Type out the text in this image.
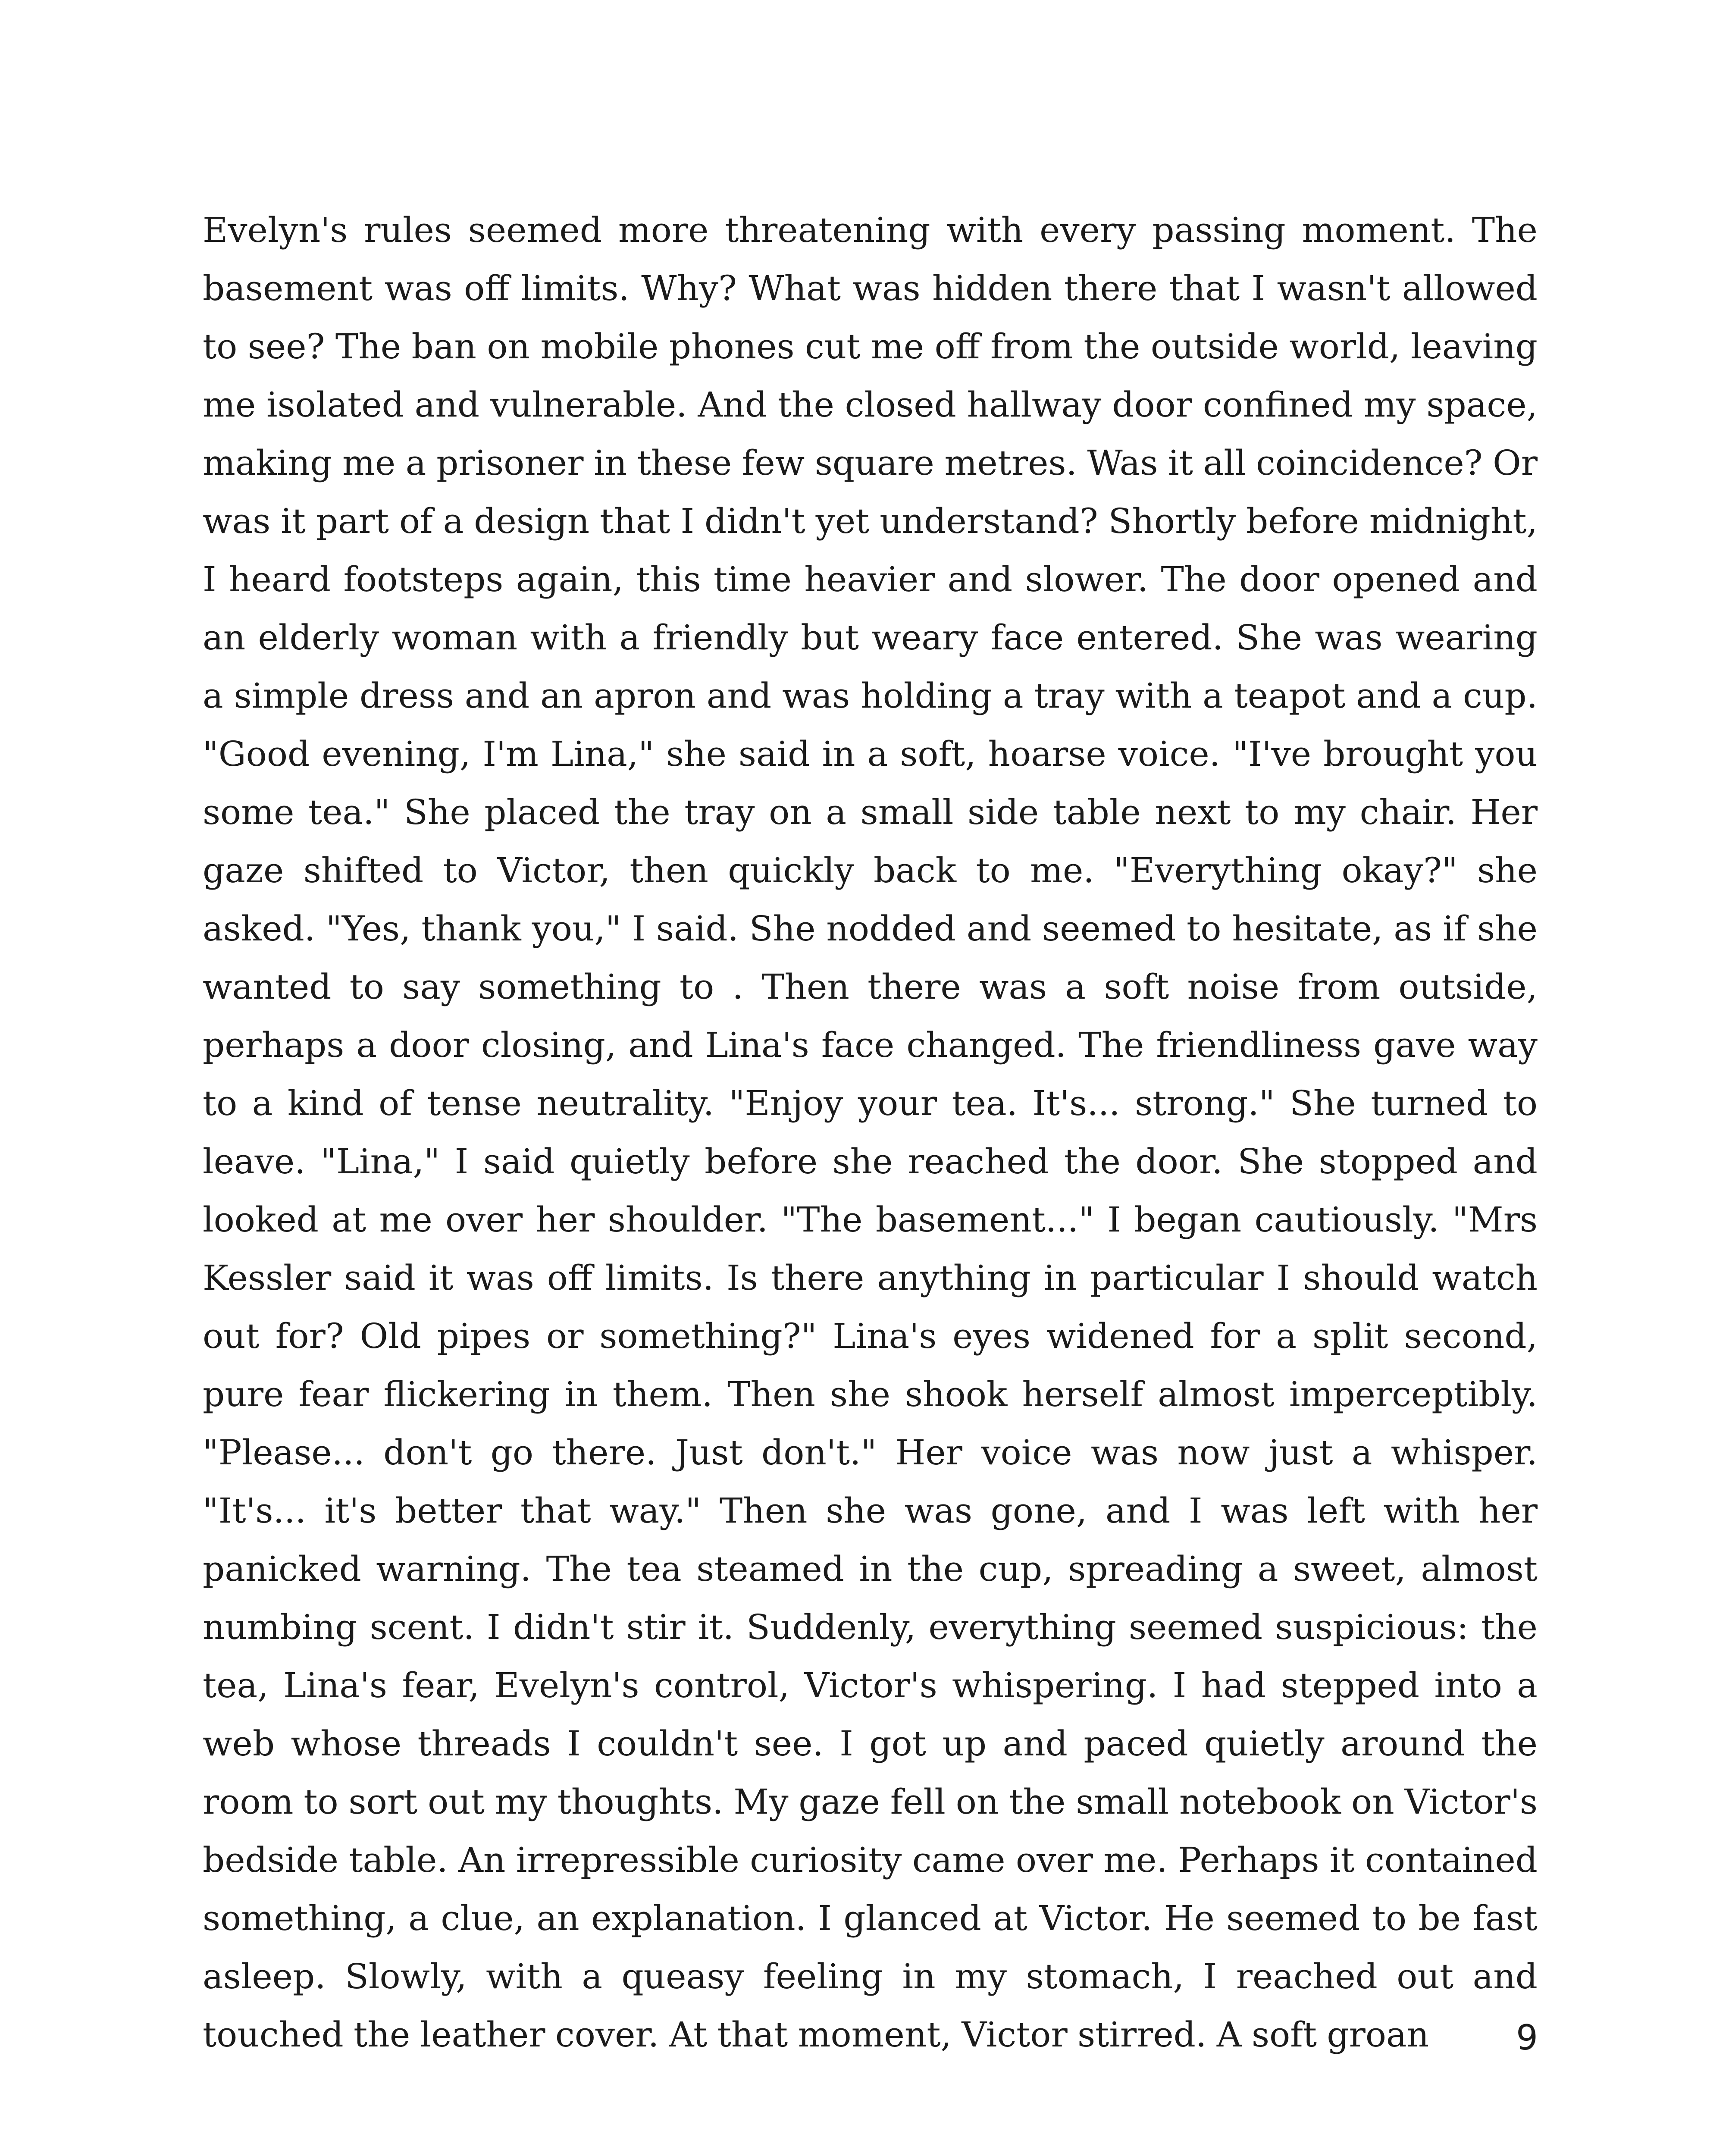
Evelyn's rules seemed more threatening with every passing moment. The basement was off limits. Why? What was hidden there that I wasn't allowed to see? The ban on mobile phones cut me off from the outside world, leaving me isolated and vulnerable. And the closed hallway door confined my space, making me a prisoner in these few square metres. Was it all coincidence? Or was it part of a design that I didn't yet understand? Shortly before midnight, I heard footsteps again, this time heavier and slower. The door opened and an elderly woman with a friendly but weary face entered. She was wearing a simple dress and an apron and was holding a tray with a teapot and a cup. "Good evening, I'm Lina," she said in a soft, hoarse voice. "I've brought you some tea." She placed the tray on a small side table next to my chair. Her gaze shifted to Victor, then quickly back to me. "Everything okay?" she asked. "Yes, thank you," I said. She nodded and seemed to hesitate, as if she wanted to say something to . Then there was a soft noise from outside, perhaps a door closing, and Lina's face changed. The friendliness gave way to a kind of tense neutrality. "Enjoy your tea. It's... strong." She turned to leave. "Lina," I said quietly before she reached the door. She stopped and looked at me over her shoulder. "The basement..." I began cautiously. "Mrs Kessler said it was off limits. Is there anything in particular I should watch out for? Old pipes or something?" Lina's eyes widened for a split second, pure fear flickering in them. Then she shook herself almost imperceptibly. "Please... don't go there. Just don't." Her voice was now just a whisper. "It's... it's better that way." Then she was gone, and I was left with her panicked warning. The tea steamed in the cup, spreading a sweet, almost numbing scent. I didn't stir it. Suddenly, everything seemed suspicious: the tea, Lina's fear, Evelyn's control, Victor's whispering. I had stepped into a web whose threads I couldn't see. I got up and paced quietly around the room to sort out my thoughts. My gaze fell on the small notebook on Victor's bedside table. An irrepressible curiosity came over me. Perhaps it contained something, a clue, an explanation. I glanced at Victor. He seemed to be fast asleep. Slowly, with a queasy feeling in my stomach, I reached out and touched the leather cover. At that moment, Victor stirred. A soft groan	9
